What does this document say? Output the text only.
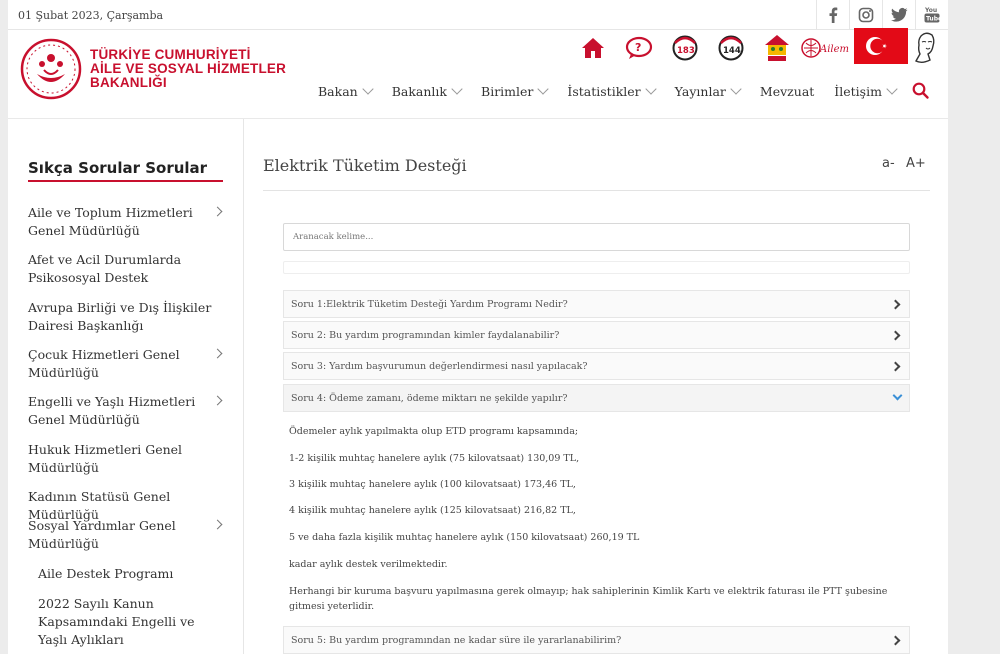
01 Şubat 2023, Çarşamba	You
Tube
TÜRKİYE CUMHURİYETİ
AİLE VE SOSYAL HİZMETLER
BAKANLIĞI
?	183	144	Ailem
Bakan	Bakanlık	Birimler	İstatistikler	Yayınlar	Mevzuat İletişim
Sıkça Sorular Sorular
Aile ve Toplum Hizmetleri Genel Müdürlüğü
Afet ve Acil Durumlarda Psikososyal Destek
Avrupa Birliği ve Dış İlişkiler Dairesi Başkanlığı
Çocuk Hizmetleri Genel Müdürlüğü
Engelli ve Yaşlı Hizmetleri Genel Müdürlüğü
Hukuk Hizmetleri Genel Müdürlüğü
Kadının Statüsü Genel Müdürlüğü
Sosyal Yardımlar Genel Müdürlüğü
Aile Destek Programı
2022 Sayılı Kanun Kapsamındaki Engelli ve Yaşlı Aylıkları
Elektrik Tüketim Desteği	a- A+
Aranacak kelime...
Soru 1:Elektrik Tüketim Desteği Yardım Programı Nedir?
Soru 2: Bu yardım programından kimler faydalanabilir?
Soru 3: Yardım başvurumun değerlendirmesi nasıl yapılacak?
Soru 4: Ödeme zamanı, ödeme miktarı ne şekilde yapılır?
Ödemeler aylık yapılmakta olup ETD programı kapsamında;
1-2 kişilik muhtaç hanelere aylık (75 kilovatsaat) 130,09 TL,
3 kişilik muhtaç hanelere aylık (100 kilovatsaat) 173,46 TL,
4 kişilik muhtaç hanelere aylık (125 kilovatsaat) 216,82 TL,
5 ve daha fazla kişilik muhtaç hanelere aylık (150 kilovatsaat) 260,19 TL
kadar aylık destek verilmektedir.
Herhangi bir kuruma başvuru yapılmasına gerek olmayıp; hak sahiplerinin Kimlik Kartı ve elektrik faturası ile PTT şubesine gitmesi yeterlidir.
Soru 5: Bu yardım programından ne kadar süre ile yararlanabilirim?
